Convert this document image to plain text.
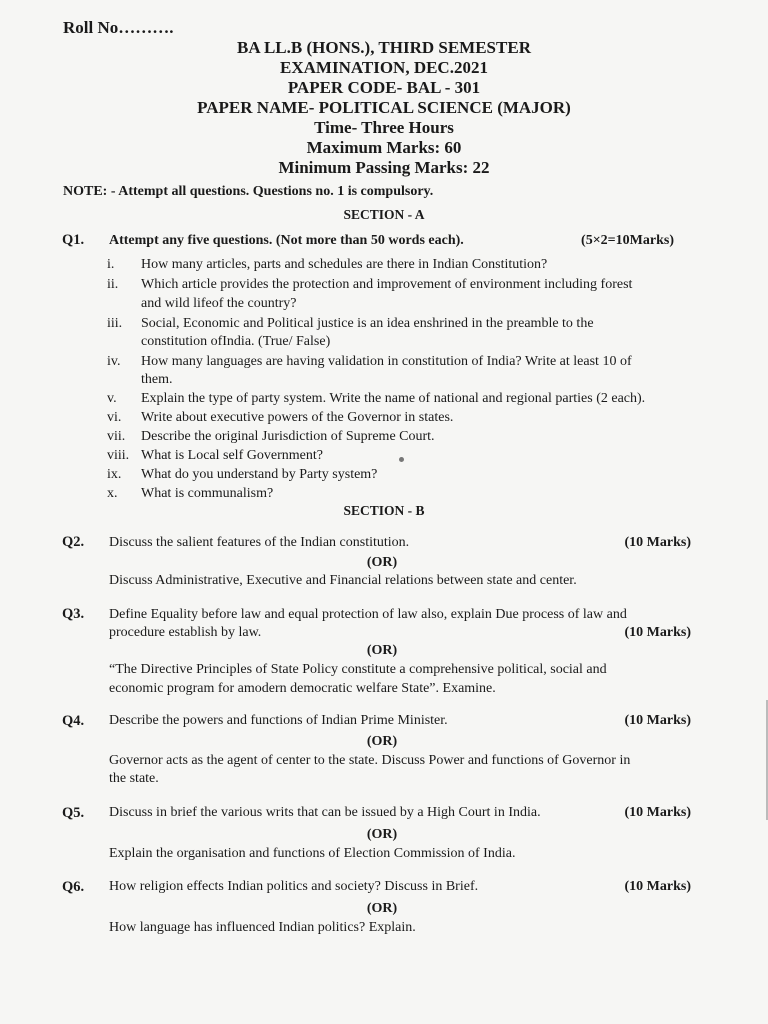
Roll No……….
BA LL.B (HONS.), THIRD SEMESTER
EXAMINATION, DEC.2021
PAPER CODE- BAL - 301
PAPER NAME- POLITICAL SCIENCE (MAJOR)
Time- Three Hours
Maximum Marks: 60
Minimum Passing Marks: 22
NOTE: - Attempt all questions. Questions no. 1 is compulsory.
SECTION - A
Q1. Attempt any five questions. (Not more than 50 words each).	(5×2=10Marks)
i.	How many articles, parts and schedules are there in Indian Constitution?
ii.	Which article provides the protection and improvement of environment including forest
and wild lifeof the country?
iii.	Social, Economic and Political justice is an idea enshrined in the preamble to the
constitution ofIndia. (True/ False)
iv.	How many languages are having validation in constitution of India? Write at least 10 of
them.
v.	Explain the type of party system. Write the name of national and regional parties (2 each).
vi.	Write about executive powers of the Governor in states.
vii.	Describe the original Jurisdiction of Supreme Court.
viii. What is Local self Government?
ix.	What do you understand by Party system?
x.	What is communalism?
SECTION - B
Q2. Discuss the salient features of the Indian constitution.	(10 Marks)
(OR)
Discuss Administrative, Executive and Financial relations between state and center.
Q3. Define Equality before law and equal protection of law also, explain Due process of law and
procedure establish by law.	(10 Marks)
(OR)
“The Directive Principles of State Policy constitute a comprehensive political, social and
economic program for amodern democratic welfare State”. Examine.
Q4. Describe the powers and functions of Indian Prime Minister.	(10 Marks)
(OR)
Governor acts as the agent of center to the state. Discuss Power and functions of Governor in
the state.
Q5. Discuss in brief the various writs that can be issued by a High Court in India.	(10 Marks)
(OR)
Explain the organisation and functions of Election Commission of India.
Q6. How religion effects Indian politics and society? Discuss in Brief.	(10 Marks)
(OR)
How language has influenced Indian politics? Explain.
